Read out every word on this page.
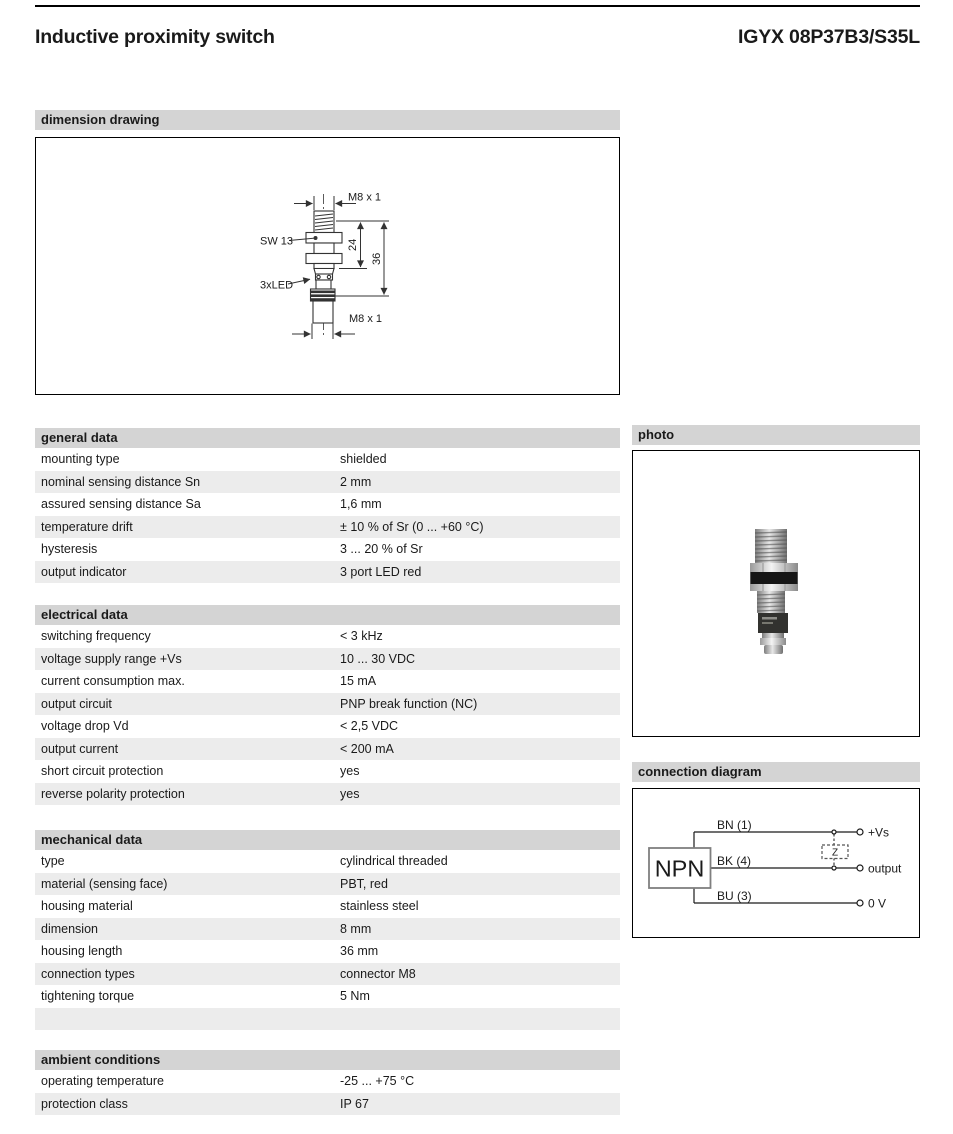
Inductive proximity switch	IGYX 08P37B3/S35L
dimension drawing
M8 x 1
M8 x 1
SW 13
3xLED
24
36
general data
mounting type	shielded
nominal sensing distance Sn	2 mm
assured sensing distance Sa	1,6 mm
temperature drift	± 10 % of Sr (0 ... +60 °C)
hysteresis	3 ... 20 % of Sr
output indicator	3 port LED red
electrical data
switching frequency	< 3 kHz
voltage supply range +Vs	10 ... 30 VDC
current consumption max.	15 mA
output circuit	PNP break function (NC)
voltage drop Vd	< 2,5 VDC
output current	< 200 mA
short circuit protection	yes
reverse polarity protection	yes
mechanical data
type	cylindrical threaded
material (sensing face)	PBT, red
housing material	stainless steel
dimension	8 mm
housing length	36 mm
connection types	connector M8
tightening torque	5 Nm
ambient conditions
operating temperature	-25 ... +75 °C
protection class	IP 67
photo
connection diagram
NPN
Z
BN (1)
BK (4)
BU (3)
+Vs
output
0 V
